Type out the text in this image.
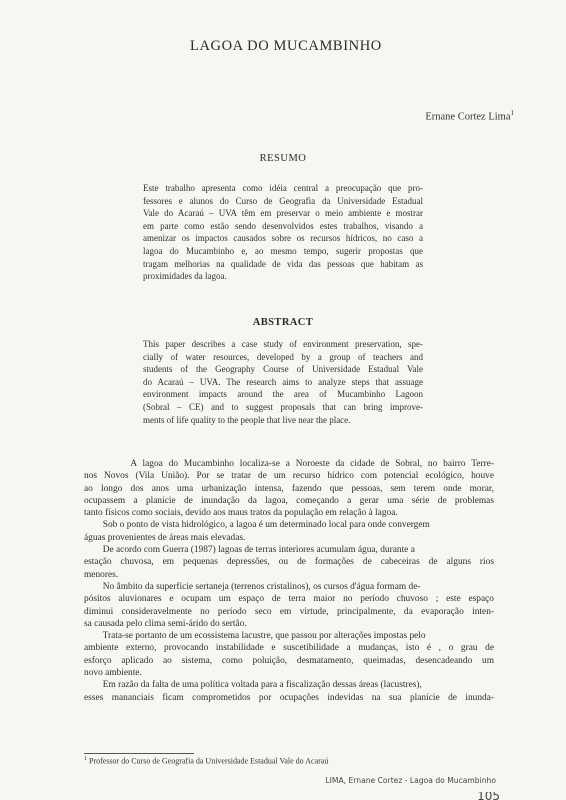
LAGOA DO MUCAMBINHO
Ernane Cortez Lima$^1$
RESUMO
Este trabalho apresenta como idéia central a preocupação que pro-
fessores e alunos do Curso de Geografia da Universidade Estadual
Vale do Acaraú – UVA têm em preservar o meio ambiente e mostrar
em parte como estão sendo desenvolvidos estes trabalhos, visando a
amenizar os impactos causados sobre os recursos hídricos, no caso a
lagoa do Mucambinho e, ao mesmo tempo, sugerir propostas que
tragam melhorias na qualidade de vida das pessoas que habitam as
proximidades da lagoa.
ABSTRACT
This paper describes a case study of environment preservation, spe-
cially of water resources, developed by a group of teachers and
students of the Geography Course of Universidade Estadual Vale
do Acaraú – UVA. The research aims to analyze steps that assuage
environment impacts around the area of Mucambinho Lagoon
(Sobral – CE) and to suggest proposals that can bring improve-
ments of life quality to the people that live near the place.
A lagoa do Mucambinho localiza-se a Noroeste da cidade de Sobral, no bairro Terre-
nos Novos (Vila União). Por se tratar de um recurso hídrico com potencial ecológico, houve
ao longo dos anos uma urbanização intensa, fazendo que pessoas, sem terem onde morar,
ocupassem a planície de inundação da lagoa, começando a gerar uma série de problemas
tanto físicos como sociais, devido aos maus tratos da população em relação à lagoa.
Sob o ponto de vista hidrológico, a lagoa é um determinado local para onde convergem
águas provenientes de áreas mais elevadas.
De acordo com Guerra (1987) lagoas de terras interiores acumulam água, durante a
estação chuvosa, em pequenas depressões, ou de formações de cabeceiras de alguns rios
menores.
No âmbito da superfície sertaneja (terrenos cristalinos), os cursos d'água formam de-
pósitos aluvionares e ocupam um espaço de terra maior no período chuvoso ; este espaço
diminui consideravelmente no período seco em virtude, principalmente, da evaporação inten-
sa causada pelo clima semi-árido do sertão.
Trata-se portanto de um ecossistema lacustre, que passou por alterações impostas pelo
ambiente externo, provocando instabilidade e suscetibilidade a mudanças, isto é , o grau de
esforço aplicado ao sistema, como poluição, desmatamento, queimadas, desencadeando um
novo ambiente.
Em razão da falta de uma política voltada para a fiscalização dessas áreas (lacustres),
esses mananciais ficam comprometidos por ocupações indevidas na sua planície de inunda-
$^1$ Professor do Curso de Geografia da Universidade Estadual Vale do Acaraú
LIMA, Ernane Cortez - Lagoa do Mucambinho
105
